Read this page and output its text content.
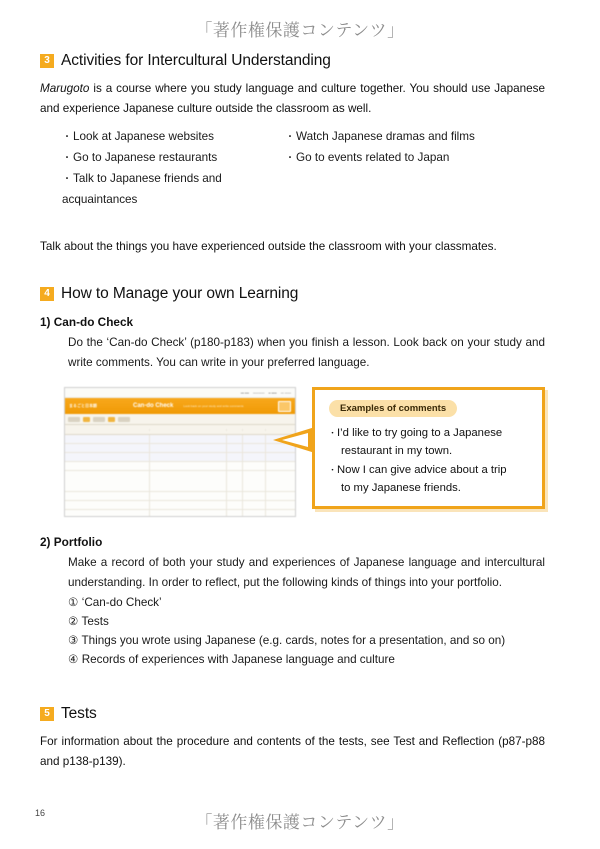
「著作権保護コンテンツ」
3 Activities for Intercultural Understanding

Marugoto is a course where you study language and culture together. You should use Japanese and experience Japanese culture outside the classroom as well.

・ Look at Japanese websites	・ Watch Japanese dramas and films
・ Go to Japanese restaurants	・ Go to events related to Japan
・ Talk to Japanese friends and acquaintances

Talk about the things you have experienced outside the classroom with your classmates.

4 How to Manage your own Learning
1) Can-do Check

Do the ‘Can-do Check’ (p180-p183) when you finish a lesson. Look back on your study and write comments. You can write in your preferred language.

••• •••• ••••••••••• •• ••••• ••• ••••••
まるごと日本語	Can-do Check	Look back on your study and write comments	Examples of comments
・ I’d like to try going to a Japanese
restaurant in my town.
・ Now I can give advice about a trip
to my Japanese friends.
2) Portfolio

Make a record of both your study and experiences of Japanese language and intercultural understanding. In order to reflect, put the following kinds of things into your portfolio.

① ‘Can-do Check’
② Tests
③ Things you wrote using Japanese (e.g. cards, notes for a presentation, and so on)
④ Records of experiences with Japanese language and culture
5 Tests

For information about the procedure and contents of the tests, see Test and Reflection (p87-p88 and p138-p139).

16	「著作権保護コンテンツ」
